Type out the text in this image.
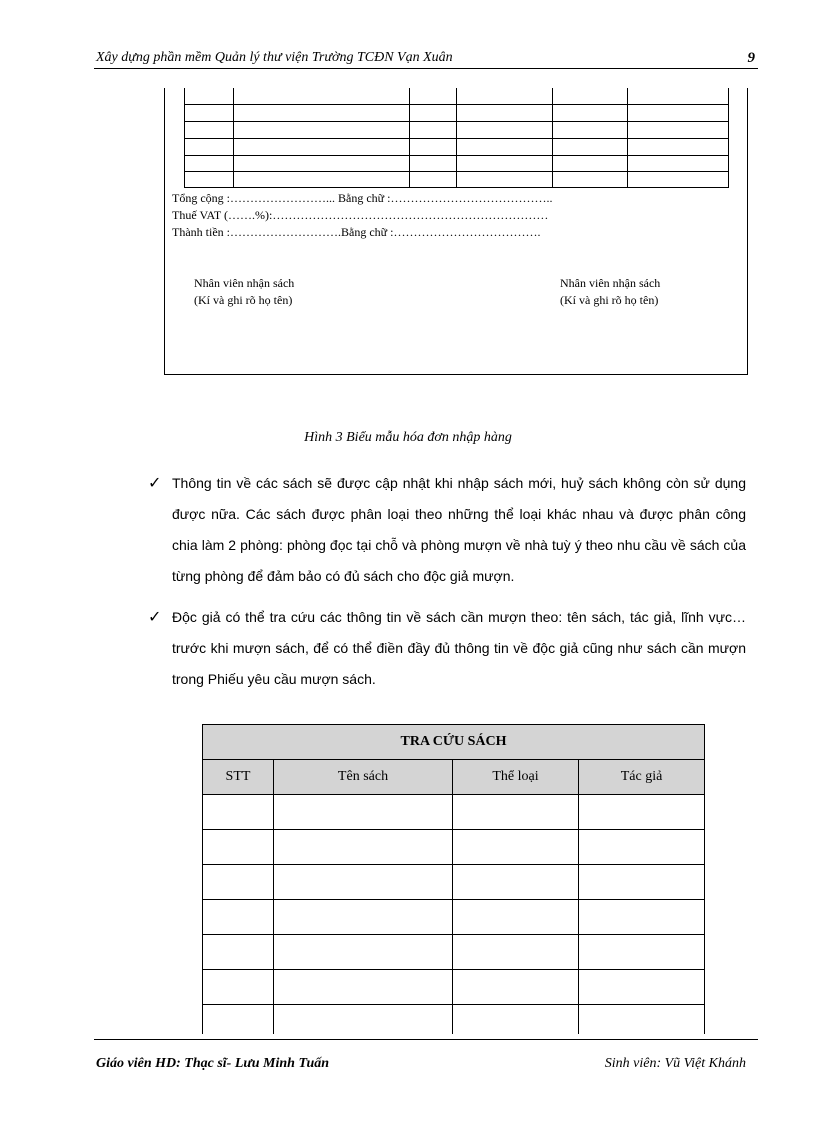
Xây dựng phần mềm Quản lý thư viện Trường TCĐN Vạn Xuân	9
Tổng cộng :……………………... Bằng chữ :…………………………………..
Thuế VAT (…….%):……………………………………………………………
Thành tiền :……………………….Bằng chữ :……………………………….
Nhân viên nhận sách
(Kí và ghi rõ họ tên)
Nhân viên nhận sách
(Kí và ghi rõ họ tên)
Hình 3 Biểu mẫu hóa đơn nhập hàng
✓ Thông tin về các sách sẽ được cập nhật khi nhập sách mới, huỷ sách không còn sử dụng được nữa. Các sách được phân loại theo những thể loại khác nhau và được phân công chia làm 2 phòng: phòng đọc tại chỗ và phòng mượn về nhà tuỳ ý theo nhu cầu về sách của từng phòng để đảm bảo có đủ sách cho độc giả mượn.
✓ Độc giả có thể tra cứu các thông tin về sách cần mượn theo: tên sách, tác giả, lĩnh vực… trước khi mượn sách, để có thể điền đầy đủ thông tin về độc giả cũng như sách cần mượn trong Phiếu yêu cầu mượn sách.
TRA CỨU SÁCH			
STT	Tên sách	Thể loại	Tác giả

Giáo viên HD: Thạc sĩ- Lưu Minh Tuấn	Sinh viên: Vũ Việt Khánh
